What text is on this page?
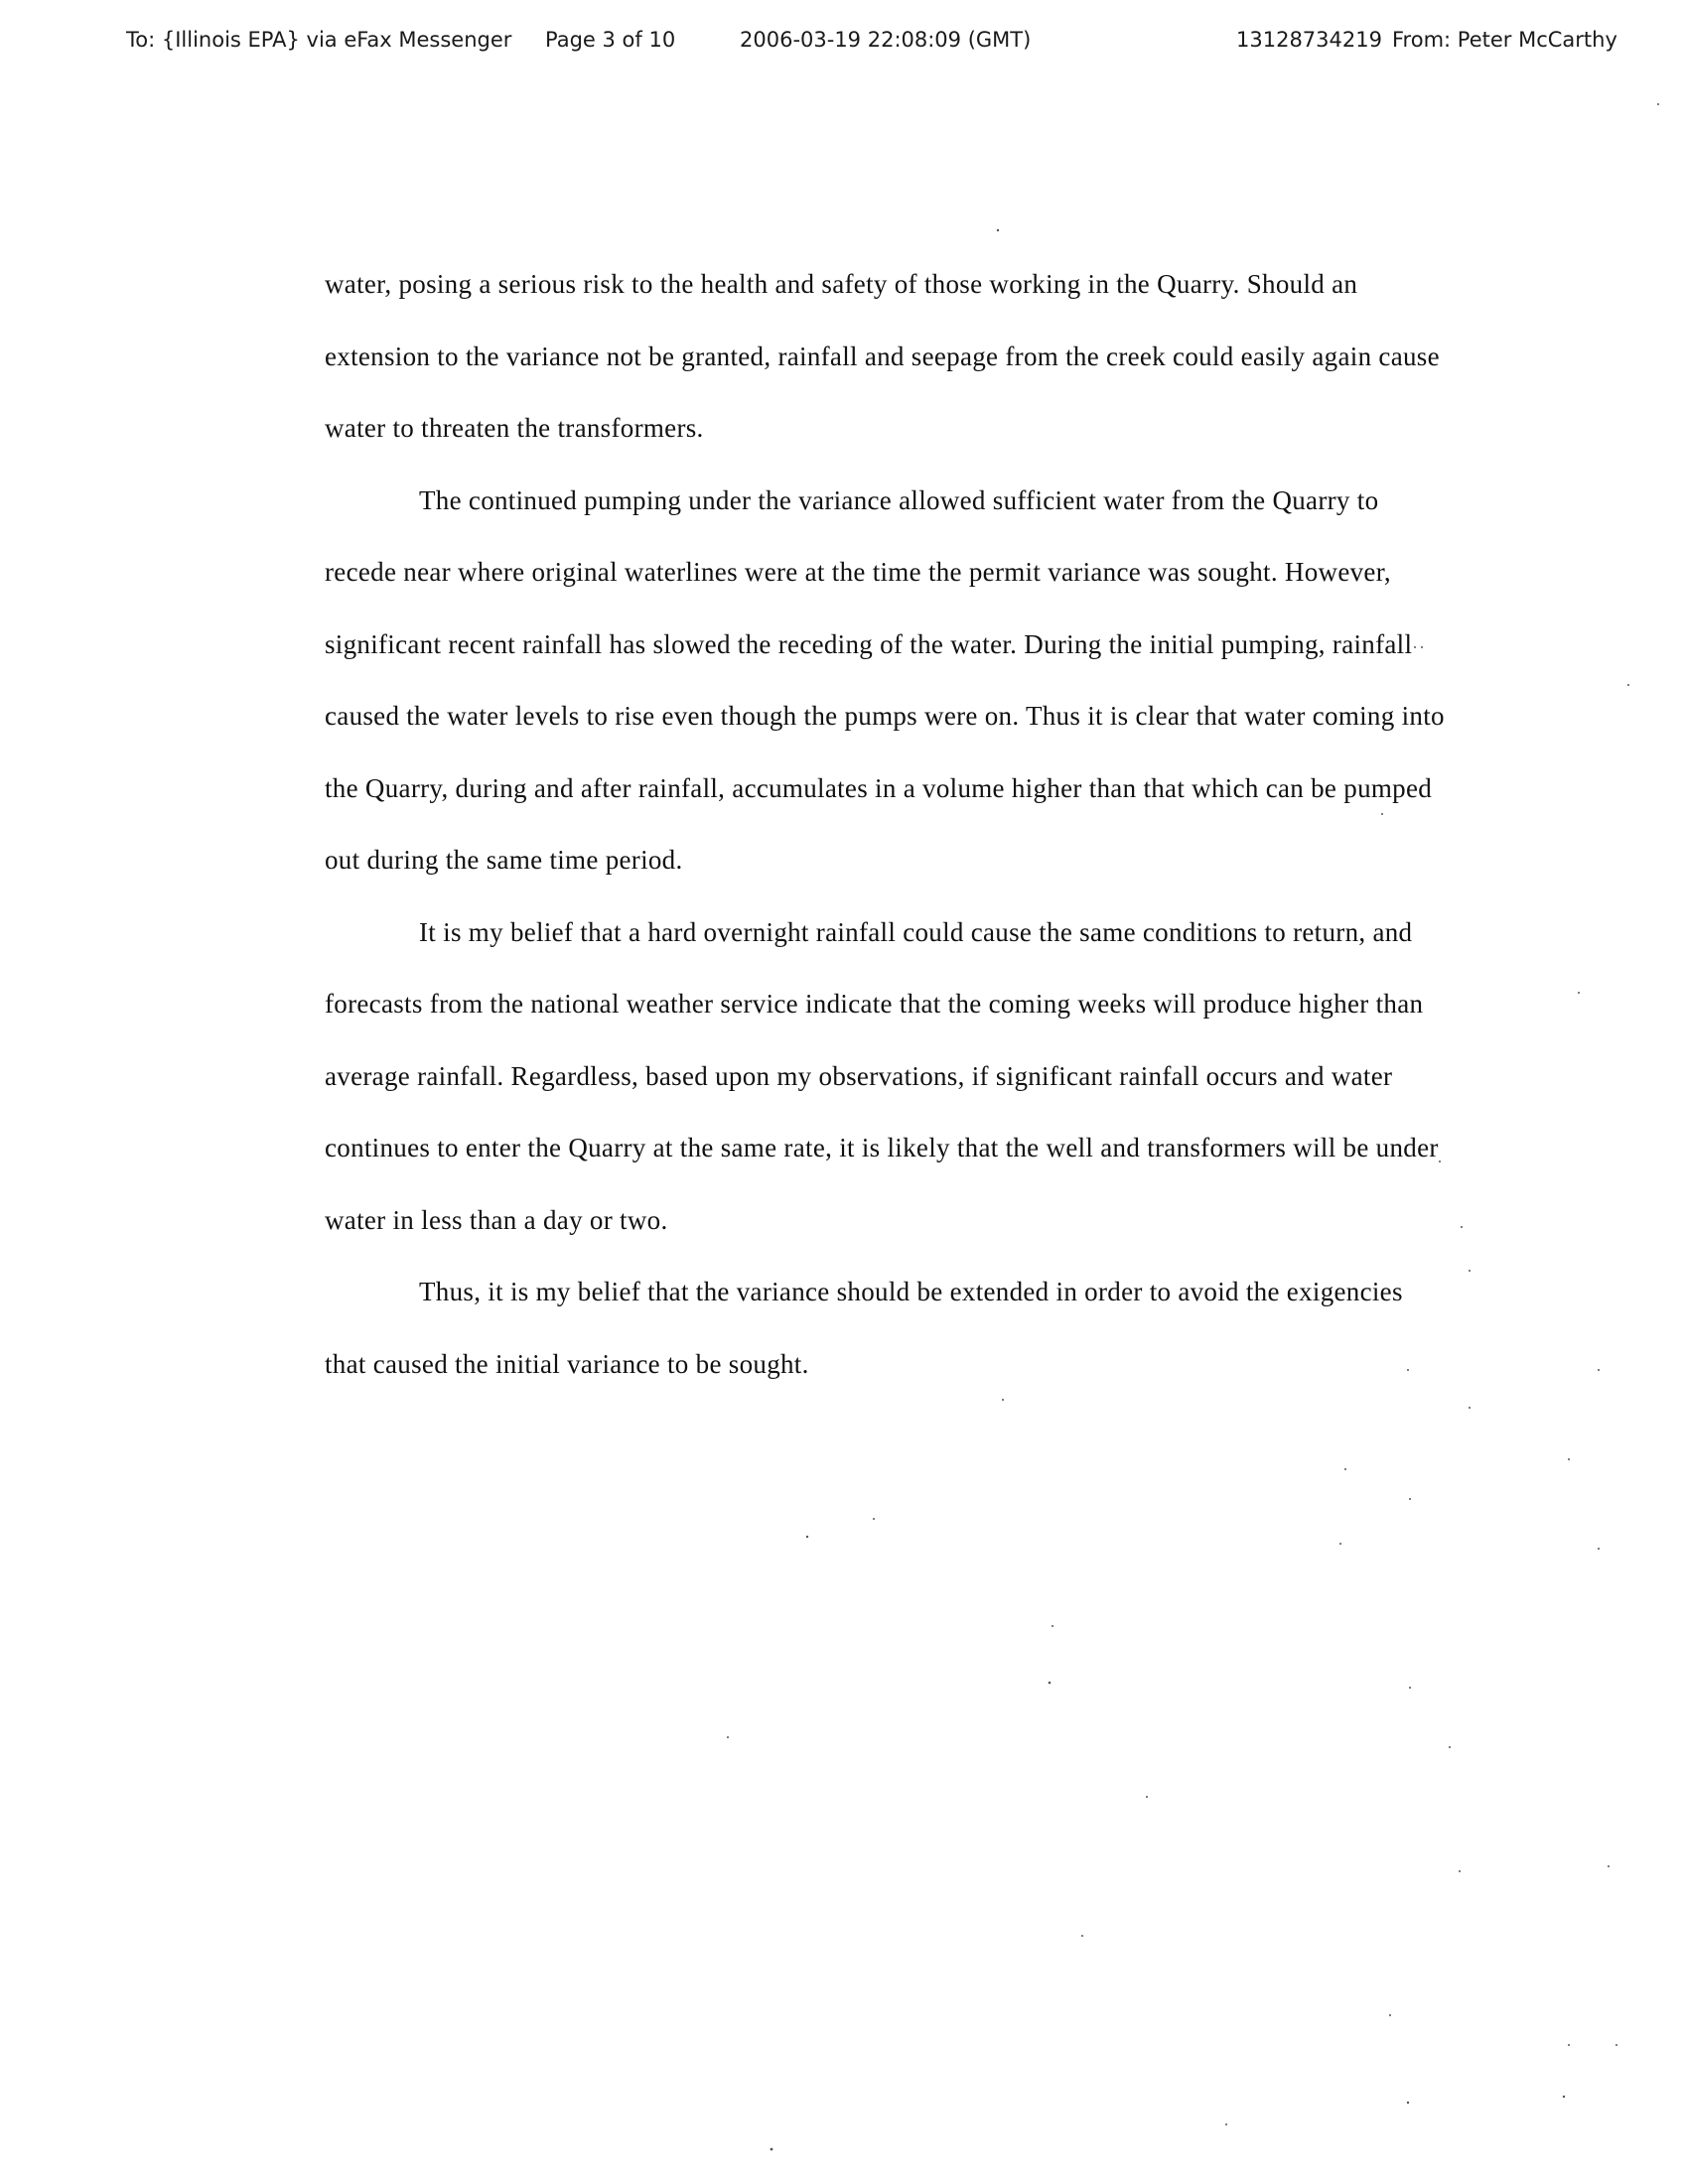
To: {Illinois EPA} via eFax Messenger Page 3 of 10	2006-03-19 22:08:09 (GMT)	13128734219 From: Peter McCarthy

water, posing a serious risk to the health and safety of those working in the Quarry. Should an extension to the variance not be granted, rainfall and seepage from the creek could easily again cause water to threaten the transformers.

The continued pumping under the variance allowed sufficient water from the Quarry to recede near where original waterlines were at the time the permit variance was sought. However, significant recent rainfall has slowed the receding of the water. During the initial pumping, rainfall caused the water levels to rise even though the pumps were on. Thus it is clear that water coming into the Quarry, during and after rainfall, accumulates in a volume higher than that which can be pumped out during the same time period.

It is my belief that a hard overnight rainfall could cause the same conditions to return, and forecasts from the national weather service indicate that the coming weeks will produce higher than average rainfall. Regardless, based upon my observations, if significant rainfall occurs and water continues to enter the Quarry at the same rate, it is likely that the well and transformers will be under water in less than a day or two.

Thus, it is my belief that the variance should be extended in order to avoid the exigencies that caused the initial variance to be sought.
